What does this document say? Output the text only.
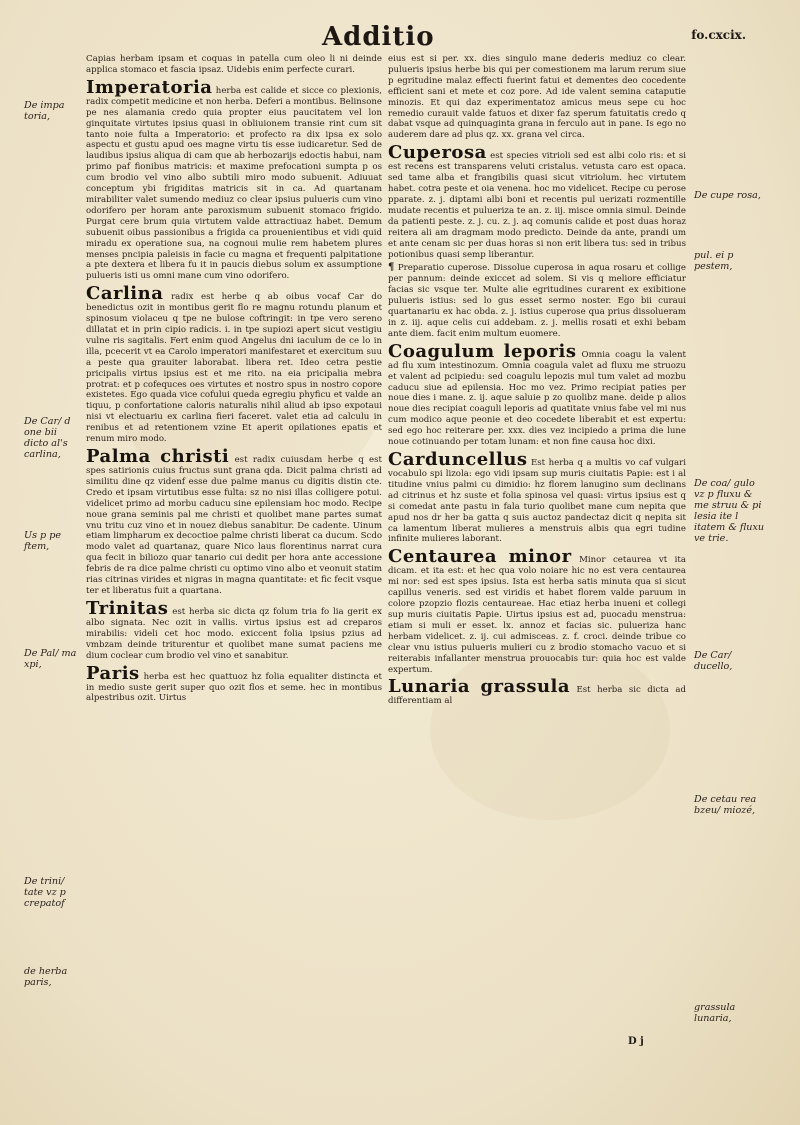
Additio	fo.cxcix.

Capias herbam ipsam et coquas in patella cum oleo li ni deinde applica stomaco et fascia ipsaz. Uidebis enim perfecte curari.

Imperatoria herba est calide et sicce co plexionis, radix competit medicine et non herba. Deferi a montibus. Belinsone pe nes alamania credo quia propter eius paucitatem vel lon ginquitate virtutes ipsius quasi in obliuionem transie rint cum sit tanto noie fulta a Imperatorio: et profecto ra dix ipsa ex solo aspectu et gustu apud oes magne virtu tis esse iudicaretur. Sed de laudibus ipsius aliqua di cam que ab herbozarijs edoctis habui, nam primo paf fionibus matricis: et maxime prefocationi sumpta p os cum brodio vel vino albo subtili miro modo subuenit. Adiuuat conceptum ybi frigiditas matricis sit in ca. Ad quartanam mirabiliter valet sumendo mediuz co clear ipsius pulueris cum vino odorifero per horam ante paroxismum subuenit stomaco frigido. Purgat cere brum quia virtutem valde attractiuaz habet. Demum subuenit oibus passionibus a frigida ca prouenientibus et vidi quid miradu ex operatione sua, na cognoui mulie rem habetem plures menses pncipia paleisis in facie cu magna et frequenti palpitatione a pte dextera et libera fu it in paucis diebus solum ex assumptione pulueris isti us omni mane cum vino odorifero.

Carlina radix est herbe q ab oibus vocaf Car do benedictus ozit in montibus gerit flo re magnu rotundu planum et spinosum violaceu q tpe ne bulose coftringit: in tpe vero sereno dillatat et in prin cipio radicis. i. in tpe supiozi apert sicut vestigiu vulne ris sagitalis. Fert enim quod Angelus dni iaculum de ce lo in illa, pcecerit vt ea Carolo imperatori manifestaret et exercitum suu a peste qua grauiter laborabat. libera ret. Ideo cetra pestie pricipalis virtus ipsius est et me rito. na eia pricipalia mebra protrat: et p cofequces oes virtutes et nostro spus in nostro copore existetes. Ego quada vice cofului queda egregiu phyficu et valde an tiquu, p confortatione caloris naturalis nihil aliud ab ipso expotaui nisi vt electuariu ex carlina fieri faceret. valet etia ad calculu in renibus et ad retentionem vzine Et aperit opilationes epatis et renum miro modo.

Palma christi est radix cuiusdam herbe q est spes satirionis cuius fructus sunt grana qda. Dicit palma christi ad similitu dine qz videnf esse due palme manus cu digitis distin cte. Credo et ipsam virtutibus esse fulta: sz no nisi illas colligere potui. videlicet primo ad morbu caducu sine epilensiam hoc modo. Recipe noue grana seminis pal me christi et quolibet mane partes sumat vnu tritu cuz vino et in nouez diebus sanabitur. De cadente. Uinum etiam limpharum ex decoctioe palme christi liberat ca ducum. Scdo modo valet ad quartanaz, quare Nico laus florentinus narrat cura qua fecit in biliozo quar tanario cui dedit per hora ante accessione febris de ra dice palme christi cu optimo vino albo et veonuit statim rias citrinas virides et nigras in magna quantitate: et fic fecit vsque ter et liberatus fuit a quartana.

Trinitas est herba sic dicta qz folum tria fo lia gerit ex albo signata. Nec ozit in vallis. virtus ipsius est ad creparos mirabilis: videli cet hoc modo. exiccent folia ipsius pzius ad vmbzam deinde triturentur et quolibet mane sumat paciens me dium coclear cum brodio vel vino et sanabitur.

Paris herba est hec quattuoz hz folia equaliter distincta et in medio suste gerit super quo ozit flos et seme. hec in montibus alpestribus ozit. Uirtus

eius est si per. xx. dies singulo mane dederis mediuz co clear. pulueris ipsius herbe bis qui per comestionem ma larum rerum siue p egritudine malaz effecti fuerint fatui et dementes deo cocedente efficient sani et mete et coz pore. Ad ide valent semina cataputie minozis. Et qui daz experimentatoz amicus meus sepe cu hoc remedio curauit valde fatuos et dixer faz sperum fatuitatis credo q dabat vsque ad quinquaginta grana in ferculo aut in pane. Is ego no auderem dare ad plus qz. xx. grana vel circa.

Cuperosa est species vitrioli sed est albi colo ris: et si est recens est transparens veluti cristalus. vetusta caro est opaca. sed tame alba et frangibilis quasi sicut vitriolum. hec virtutem habet. cotra peste et oia venena. hoc mo videlicet. Recipe cu perose pparate. z. j. diptami albi boni et recentis pul uerizati rozmentille mudate recentis et pulueriza te an. z. iij. misce omnia simul. Deinde da patienti peste. z. j. cu. z. j. aq comunis calide et post duas horaz reitera ali am dragmam modo predicto. Deinde da ante, prandi um et ante cenam sic per duas horas si non erit libera tus: sed in tribus potionibus quasi semp liberantur.

¶ Preparatio cuperose. Dissolue cuperosa in aqua rosaru et collige per pannum: deinde exiccet ad solem. Si vis q meliore efficiatur facias sic vsque ter. Multe alie egritudines curarent ex exibitione pulueris istius: sed lo gus esset sermo noster. Ego bii curaui quartanariu ex hac obda. z. j. istius cuperose qua prius dissolueram in z. iij. aque celis cui addebam. z. j. mellis rosati et exhi bebam ante diem. facit enim multum euomere.

Coagulum leporis Omnia coagu la valent ad flu xum intestinozum. Omnia coagula valet ad fluxu me struozu et valent ad pcipiedu: sed coagulu lepozis mul tum valet ad mozbu caducu siue ad epilensia. Hoc mo vez. Primo recipiat paties per noue dies i mane. z. ij. aque saluie p zo quolibz mane. deide p alios noue dies recipiat coaguli leporis ad quatitate vnius fabe vel mi nus cum modico aque peonie et deo cocedete liberabit et est expertu: sed ego hoc reiterare per. xxx. dies vez incipiedo a prima die lune noue cotinuando per totam lunam: et non fine causa hoc dixi.

Carduncellus Est herba q a multis vo caf vulgari vocabulo spi lizola: ego vidi ipsam sup muris ciuitatis Papie: est i al titudine vnius palmi cu dimidio: hz florem lanugino sum declinans ad citrinus et hz suste et folia spinosa vel quasi: virtus ipsius est q si comedat ante pastu in fala turio quolibet mane cum nepita que apud nos dr her ba gatta q suis auctoz pandectaz dicit q nepita sit ca lamentum liberat mulieres a menstruis albis qua egri tudine infinite mulieres laborant.

Centaurea minor Minor cetaurea vt ita dicam. et ita est: et hec qua volo noiare hic no est vera centaurea mi nor: sed est spes ipsius. Ista est herba satis minuta qua si sicut capillus veneris. sed est viridis et habet florem valde paruum in colore pzopzio flozis centaureae. Hac etiaz herba inueni et collegi sup muris ciuitatis Papie. Uirtus ipsius est ad, puocadu menstrua: etiam si muli er esset. lx. annoz et facias sic. pulueriza hanc herbam videlicet. z. ij. cui admisceas. z. f. croci. deinde tribue co clear vnu istius pulueris mulieri cu z brodio stomacho vacuo et si reiterabis infallanter menstrua prouocabis tur: quia hoc est valde expertum.

Lunaria grassula Est herba sic dicta ad differentiam al

De impa toria,
De Car/ d one bii dicto al's carlina,
Us p pe ftem,
De Pal/ ma xpi,
De trini/ tate vz p crepatof
de herba paris,
De cupe rosa,
pul. ei p pestem,
De coa/ gulo vz p fluxu & me struu & pi lesia ite l itatem & fluxu ve trie.
De Car/ ducello,
De cetau rea bzeu/ miozé,
grassula lunaria,
D j
